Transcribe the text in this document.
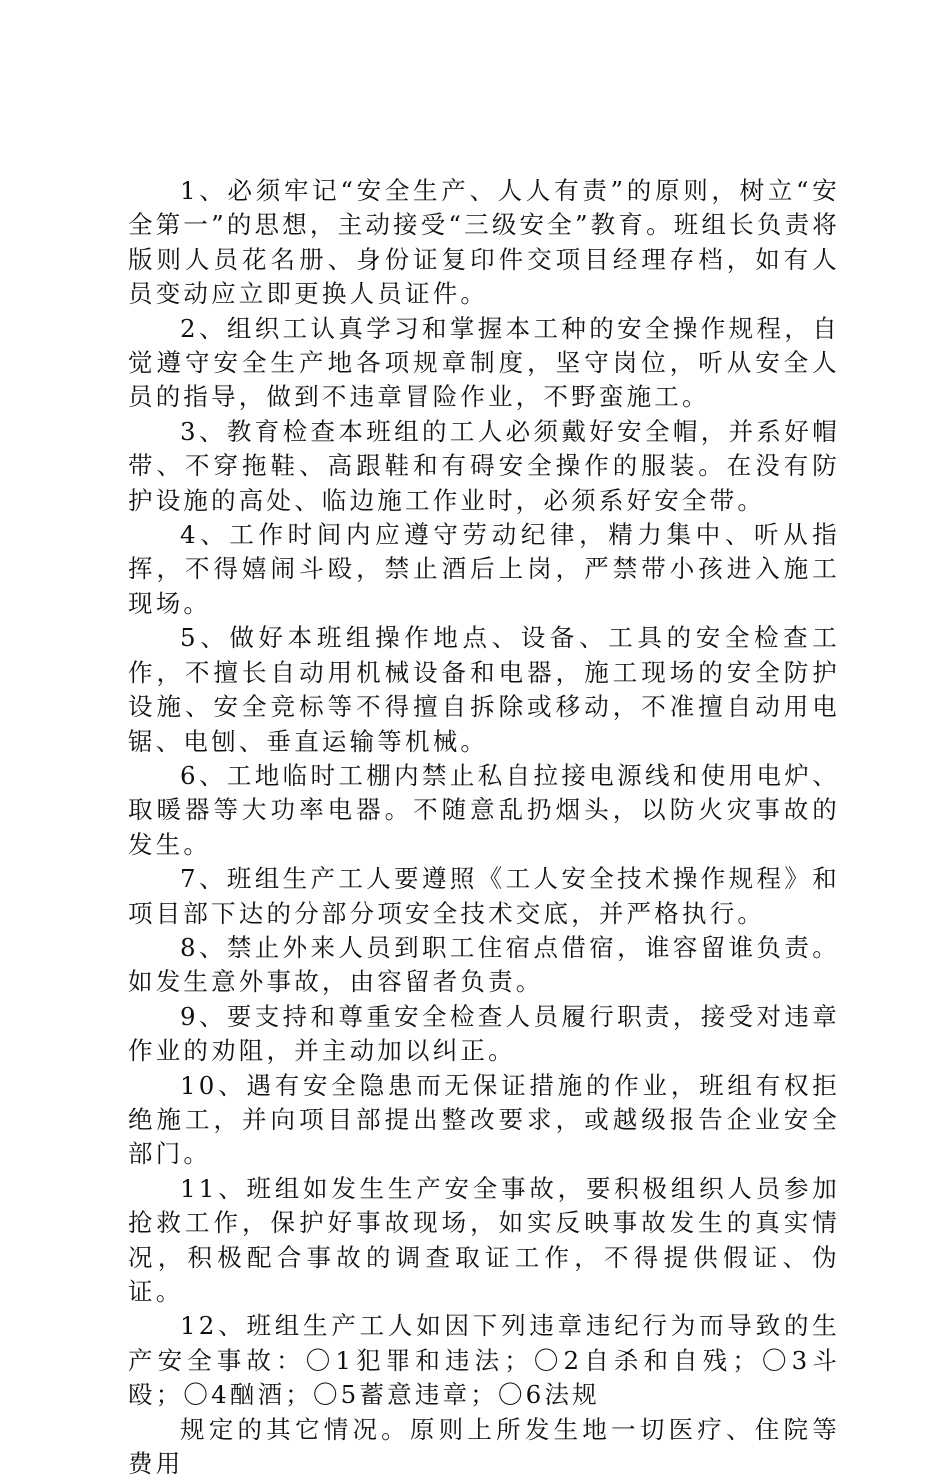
1、必须牢记“安全生产、人人有责”的原则，树立“安全第一”的思想，主动接受“三级安全”教育。班组长负责将版则人员花名册、身份证复印件交项目经理存档，如有人员变动应立即更换人员证件。

2、组织工认真学习和掌握本工种的安全操作规程，自觉遵守安全生产地各项规章制度，坚守岗位，听从安全人员的指导，做到不违章冒险作业，不野蛮施工。

3、教育检查本班组的工人必须戴好安全帽，并系好帽带、不穿拖鞋、高跟鞋和有碍安全操作的服装。在没有防护设施的高处、临边施工作业时，必须系好安全带。

4、工作时间内应遵守劳动纪律，精力集中、听从指挥，不得嬉闹斗殴，禁止酒后上岗，严禁带小孩进入施工现场。

5、做好本班组操作地点、设备、工具的安全检查工作，不擅长自动用机械设备和电器，施工现场的安全防护设施、安全竞标等不得擅自拆除或移动，不准擅自动用电锯、电刨、垂直运输等机械。

6、工地临时工棚内禁止私自拉接电源线和使用电炉、取暖器等大功率电器。不随意乱扔烟头，以防火灾事故的发生。

7、班组生产工人要遵照《工人安全技术操作规程》和项目部下达的分部分项安全技术交底，并严格执行。

8、禁止外来人员到职工住宿点借宿，谁容留谁负责。如发生意外事故，由容留者负责。

9、要支持和尊重安全检查人员履行职责，接受对违章作业的劝阻，并主动加以纠正。

10、遇有安全隐患而无保证措施的作业，班组有权拒绝施工，并向项目部提出整改要求，或越级报告企业安全部门。

11、班组如发生生产安全事故，要积极组织人员参加抢救工作，保护好事故现场，如实反映事故发生的真实情况，积极配合事故的调查取证工作，不得提供假证、伪证。

12、班组生产工人如因下列违章违纪行为而导致的生产安全事故：〇1犯罪和违法；〇2自杀和自残；〇3斗殴；〇4酗酒；〇5蓄意违章；〇6法规

规定的其它情况。原则上所发生地一切医疗、住院等费用
